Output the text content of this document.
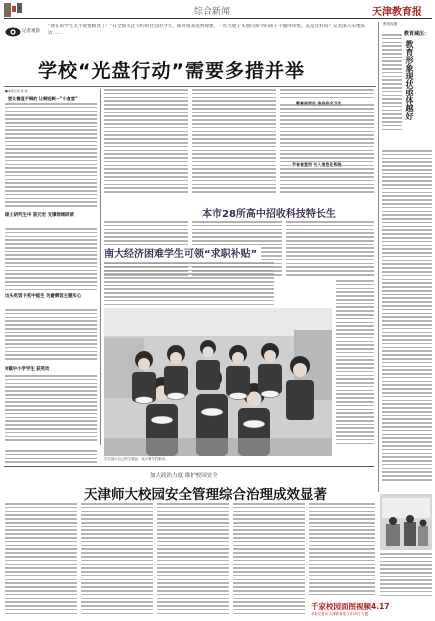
综合新闻	天津教育报
记者观察
“现在的学生太不爱惜粮食了！”在全国关注节约的社会的今天，面对很多浪费现象，一些大肥子头胆向知今的孩子不懂得珍惜。美是这样吗？记者深入实地采访……
学校“光盘行动”需要多措并举
■本报记者 杨 杨
要让餐盘不剩的 让剩饭剩一“小食堂”
硕士研究生中 获元宏 支撑领域研读
出头吃饭卡初中能生 为避剩饭主题实心
X镇中小学学生 获奖动
节省食堂用 引入信息化系统
本市28所高中招收科技特长生
南大经济困难学生可领“求职补贴”
学生展示自己的空餐盘，表示要节约粮食。
教育视窗
教育减压：
教育形象现状亟体越好
加大政治力度 维护校园安全
天津师大校园安全管理综合治理成效显著
千家校园面图视频4.17
本报记者讯 天津教育报 1月20日 专题
